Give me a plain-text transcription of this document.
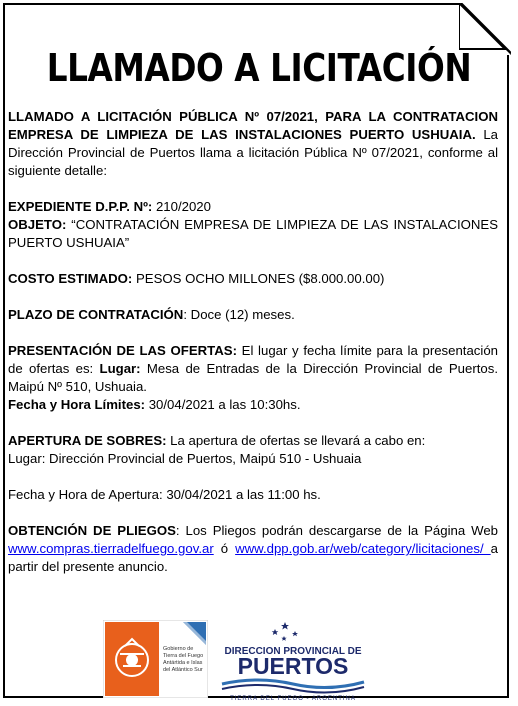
LLAMADO A LICITACIÓN

LLAMADO A LICITACIÓN PÚBLICA Nº 07/2021, PARA LA CONTRATACION EMPRESA DE LIMPIEZA DE LAS INSTALACIONES PUERTO USHUAIA. La Dirección Provincial de Puertos llama a licitación Pública Nº 07/2021, conforme al siguiente detalle:

EXPEDIENTE D.P.P. Nº: 210/2020

OBJETO: “CONTRATACIÓN EMPRESA DE LIMPIEZA DE LAS INSTALACIONES PUERTO USHUAIA”

COSTO ESTIMADO: PESOS OCHO MILLONES ($8.000.00.00)

PLAZO DE CONTRATACIÓN: Doce (12) meses.

PRESENTACIÓN DE LAS OFERTAS: El lugar y fecha límite para la presentación de ofertas es: Lugar: Mesa de Entradas de la Dirección Provincial de Puertos. Maipú Nº 510, Ushuaia.

Fecha y Hora Límites: 30/04/2021 a las 10:30hs.

APERTURA DE SOBRES: La apertura de ofertas se llevará a cabo en:

Lugar: Dirección Provincial de Puertos, Maipú 510 - Ushuaia

Fecha y Hora de Apertura: 30/04/2021 a las 11:00 hs.

OBTENCIÓN DE PLIEGOS: Los Pliegos podrán descargarse de la Página Web www.compras.tierradelfuego.gov.ar ó www.dpp.gob.ar/web/category/licitaciones/ a partir del presente anuncio.

Gobierno de
Tierra del Fuego
Antártida e Islas
del Atlántico Sur
DIRECCION PROVINCIAL DE
PUERTOS
TIERRA DEL FUEGO - ARGENTINA
